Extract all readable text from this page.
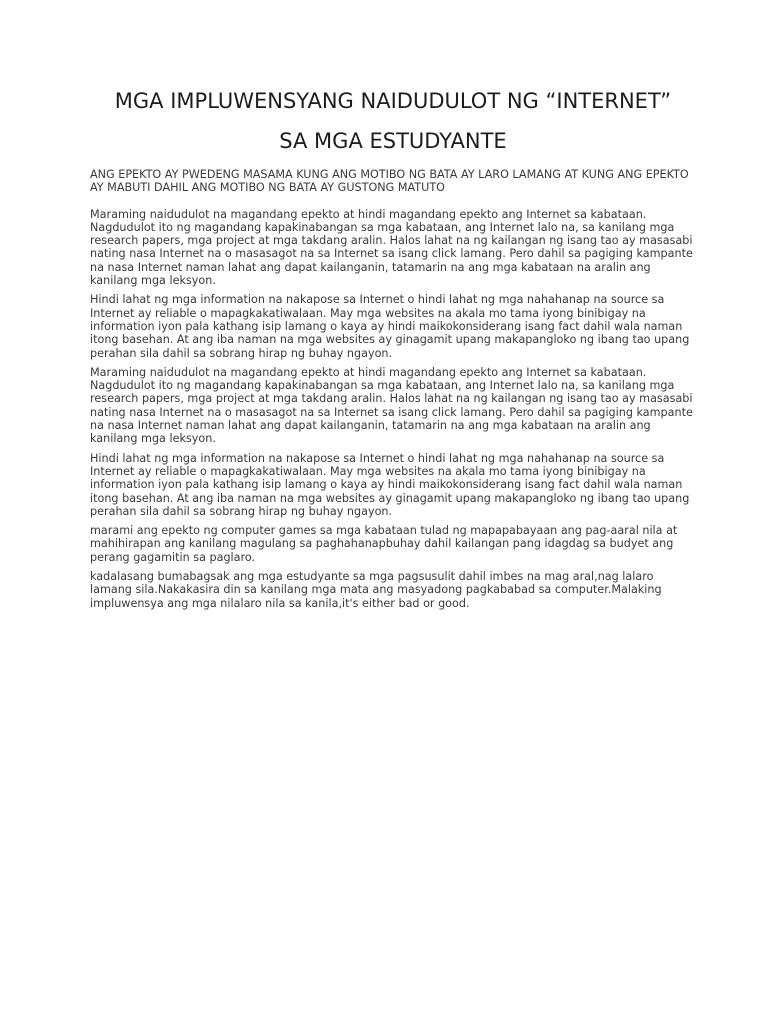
MGA IMPLUWENSYANG NAIDUDULOT NG “INTERNET”
SA MGA ESTUDYANTE
ANG EPEKTO AY PWEDENG MASAMA KUNG ANG MOTIBO NG BATA AY LARO LAMANG AT KUNG ANG EPEKTO AY MABUTI DAHIL ANG MOTIBO NG BATA AY GUSTONG MATUTO

Maraming naidudulot na magandang epekto at hindi magandang epekto ang Internet sa kabataan. Nagdudulot ito ng magandang kapakinabangan sa mga kabataan, ang Internet lalo na, sa kanilang mga research papers, mga project at mga takdang aralin. Halos lahat na ng kailangan ng isang tao ay masasabi nating nasa Internet na o masasagot na sa Internet sa isang click lamang. Pero dahil sa pagiging kampante na nasa Internet naman lahat ang dapat kailanganin, tatamarin na ang mga kabataan na aralin ang kanilang mga leksyon.

Hindi lahat ng mga information na nakapose sa Internet o hindi lahat ng mga nahahanap na source sa Internet ay reliable o mapagkakatiwalaan. May mga websites na akala mo tama iyong binibigay na information iyon pala kathang isip lamang o kaya ay hindi maikokonsiderang isang fact dahil wala naman itong basehan. At ang iba naman na mga websites ay ginagamit upang makapangloko ng ibang tao upang perahan sila dahil sa sobrang hirap ng buhay ngayon.

Maraming naidudulot na magandang epekto at hindi magandang epekto ang Internet sa kabataan. Nagdudulot ito ng magandang kapakinabangan sa mga kabataan, ang Internet lalo na, sa kanilang mga research papers, mga project at mga takdang aralin. Halos lahat na ng kailangan ng isang tao ay masasabi nating nasa Internet na o masasagot na sa Internet sa isang click lamang. Pero dahil sa pagiging kampante na nasa Internet naman lahat ang dapat kailanganin, tatamarin na ang mga kabataan na aralin ang kanilang mga leksyon.

Hindi lahat ng mga information na nakapose sa Internet o hindi lahat ng mga nahahanap na source sa Internet ay reliable o mapagkakatiwalaan. May mga websites na akala mo tama iyong binibigay na information iyon pala kathang isip lamang o kaya ay hindi maikokonsiderang isang fact dahil wala naman itong basehan. At ang iba naman na mga websites ay ginagamit upang makapangloko ng ibang tao upang perahan sila dahil sa sobrang hirap ng buhay ngayon.

marami ang epekto ng computer games sa mga kabataan tulad ng mapapabayaan ang pag-aaral nila at mahihirapan ang kanilang magulang sa paghahanapbuhay dahil kailangan pang idagdag sa budyet ang perang gagamitin sa paglaro.

kadalasang bumabagsak ang mga estudyante sa mga pagsusulit dahil imbes na mag aral,nag lalaro lamang sila.Nakakasira din sa kanilang mga mata ang masyadong pagkababad sa computer.Malaking impluwensya ang mga nilalaro nila sa kanila,it's either bad or good.
